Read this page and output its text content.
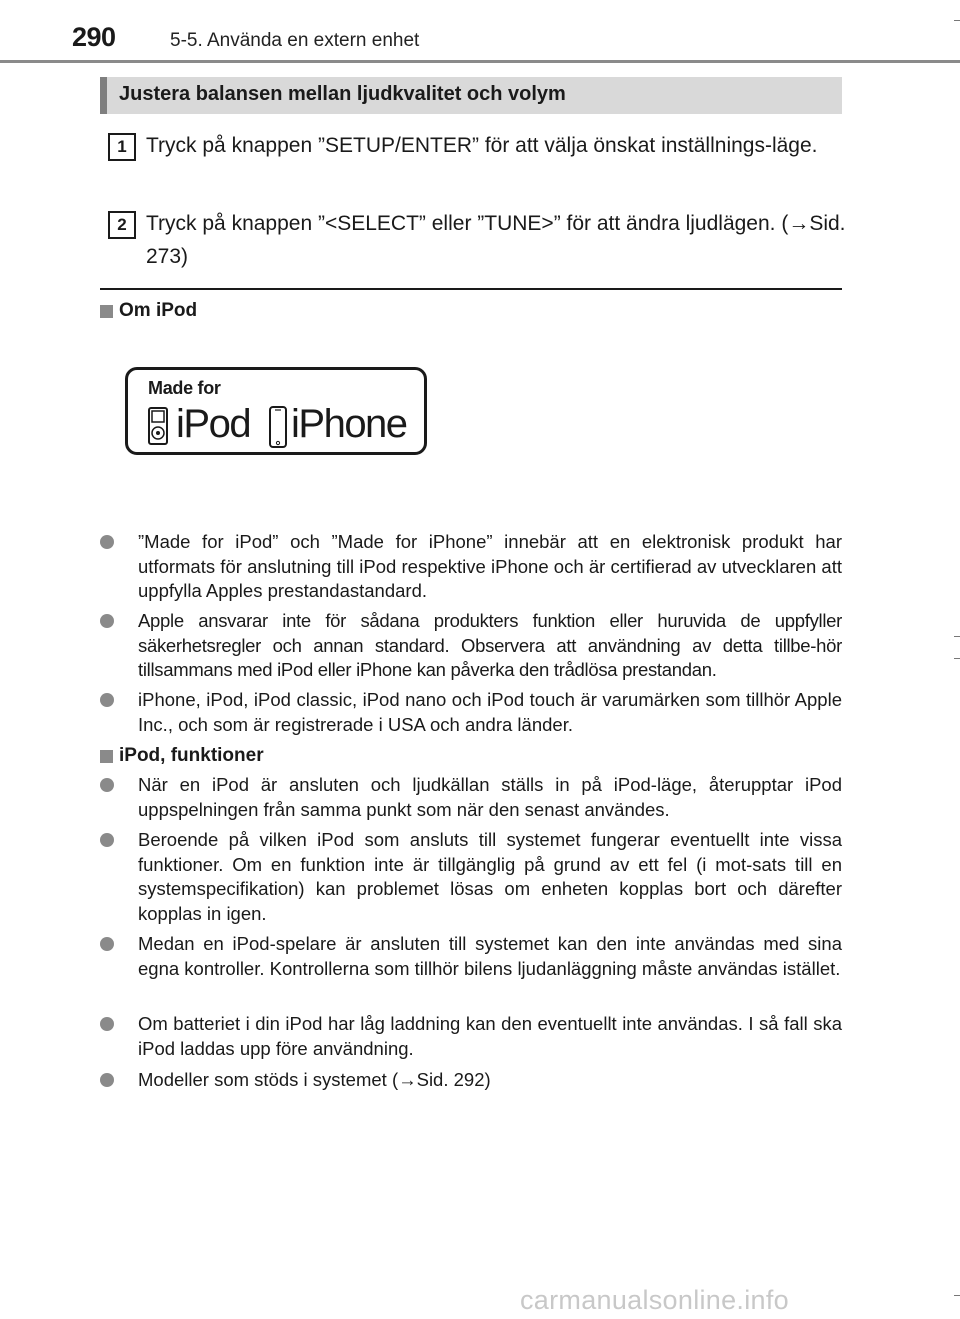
290	5-5. Använda en extern enhet
Justera balansen mellan ljudkvalitet och volym
1 Tryck på knappen ”SETUP/ENTER” för att välja önskat inställnings-läge.
2 Tryck på knappen ”<SELECT” eller ”TUNE>” för att ändra ljudlägen. (→Sid. 273)
Om iPod
Made for
iPod iPhone
”Made for iPod” och ”Made for iPhone” innebär att en elektronisk produkt har utformats för anslutning till iPod respektive iPhone och är certifierad av utvecklaren att uppfylla Apples prestandastandard.
Apple ansvarar inte för sådana produkters funktion eller huruvida de uppfyller säkerhetsregler och annan standard. Observera att användning av detta tillbe-hör tillsammans med iPod eller iPhone kan påverka den trådlösa prestandan.
iPhone, iPod, iPod classic, iPod nano och iPod touch är varumärken som tillhör Apple Inc., och som är registrerade i USA och andra länder.
iPod, funktioner
När en iPod är ansluten och ljudkällan ställs in på iPod-läge, återupptar iPod uppspelningen från samma punkt som när den senast användes.
Beroende på vilken iPod som ansluts till systemet fungerar eventuellt inte vissa funktioner. Om en funktion inte är tillgänglig på grund av ett fel (i mot-sats till en systemspecifikation) kan problemet lösas om enheten kopplas bort och därefter kopplas in igen.
Medan en iPod-spelare är ansluten till systemet kan den inte användas med sina egna kontroller. Kontrollerna som tillhör bilens ljudanläggning måste användas istället.
Om batteriet i din iPod har låg laddning kan den eventuellt inte användas. I så fall ska iPod laddas upp före användning.
Modeller som stöds i systemet (→Sid. 292)
carmanualsonline.info
